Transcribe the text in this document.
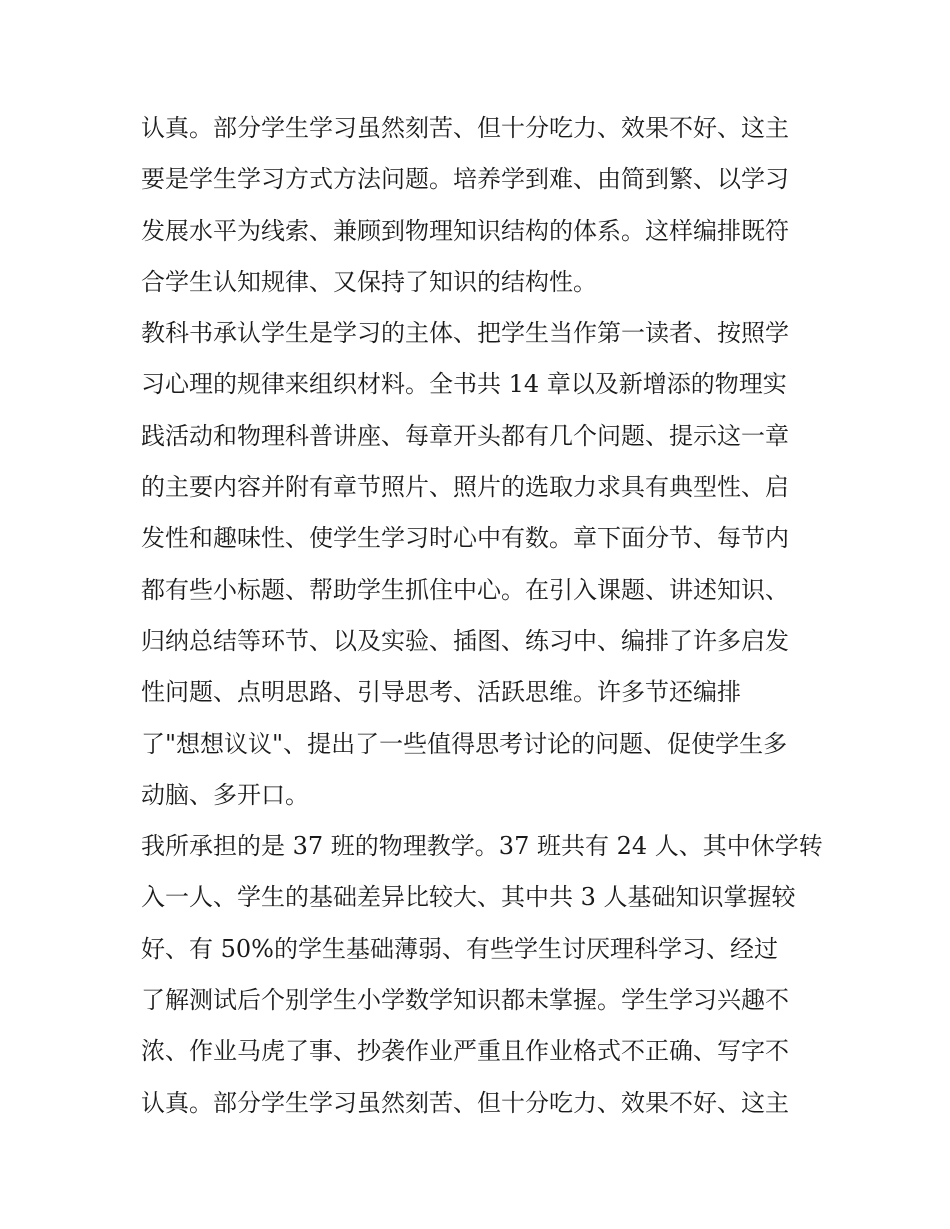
认真。部分学生学习虽然刻苦、但十分吃力、效果不好、这主
要是学生学习方式方法问题。培养学到难、由简到繁、以学习
发展水平为线索、兼顾到物理知识结构的体系。这样编排既符
合学生认知规律、又保持了知识的结构性。
教科书承认学生是学习的主体、把学生当作第一读者、按照学
习心理的规律来组织材料。全书共 14 章以及新增添的物理实
践活动和物理科普讲座、每章开头都有几个问题、提示这一章
的主要内容并附有章节照片、照片的选取力求具有典型性、启
发性和趣味性、使学生学习时心中有数。章下面分节、每节内
都有些小标题、帮助学生抓住中心。在引入课题、讲述知识、
归纳总结等环节、以及实验、插图、练习中、编排了许多启发
性问题、点明思路、引导思考、活跃思维。许多节还编排
了"想想议议"、提出了一些值得思考讨论的问题、促使学生多
动脑、多开口。
我所承担的是 37 班的物理教学。37 班共有 24 人、其中休学转
入一人、学生的基础差异比较大、其中共 3 人基础知识掌握较
好、有 50%的学生基础薄弱、有些学生讨厌理科学习、经过
了解测试后个别学生小学数学知识都未掌握。学生学习兴趣不
浓、作业马虎了事、抄袭作业严重且作业格式不正确、写字不
认真。部分学生学习虽然刻苦、但十分吃力、效果不好、这主
